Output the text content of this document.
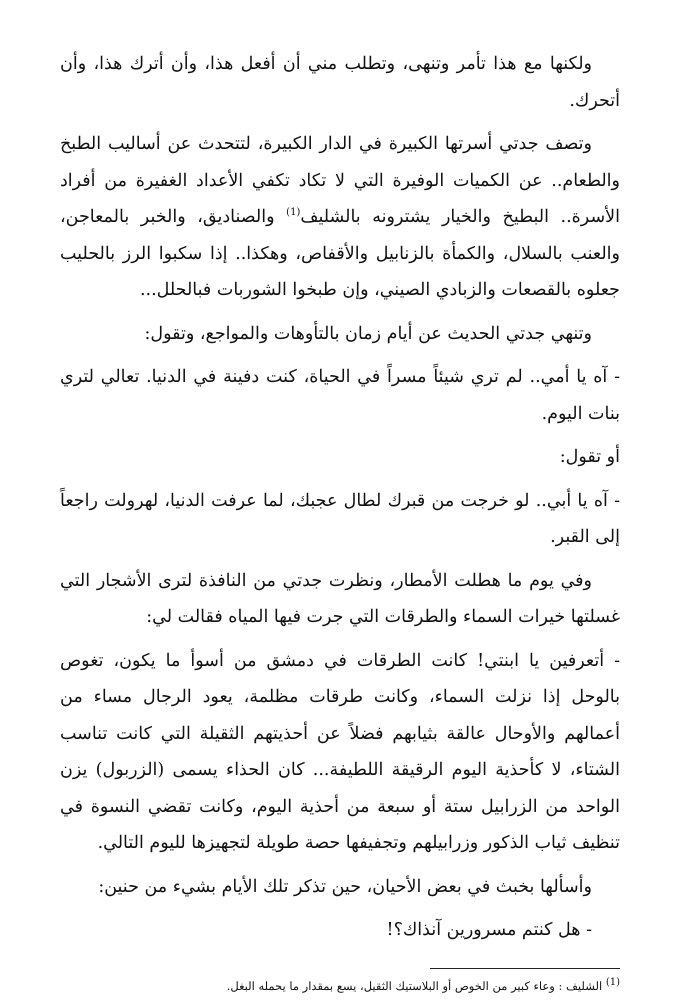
ولكنها مع هذا تأمر وتنهى، وتطلب مني أن أفعل هذا، وأن أترك هذا، وأن أتحرك.

وتصف جدتي أسرتها الكبيرة في الدار الكبيرة، لتتحدث عن أساليب الطبخ والطعام.. عن الكميات الوفيرة التي لا تكاد تكفي الأعداد الغفيرة من أفراد الأسرة.. البطيخ والخيار يشترونه بالشليف$^{(1)}$ والصناديق، والخبر بالمعاجن، والعنب بالسلال، والكمأة بالزنابيل والأقفاص، وهكذا.. إذا سكبوا الرز بالحليب جعلوه بالقصعات والزبادي الصيني، وإن طبخوا الشوربات فبالحلل...

وتنهي جدتي الحديث عن أيام زمان بالتأوهات والمواجع، وتقول:

- آه يا أمي.. لم تري شيئاً مسراً في الحياة، كنت دفينة في الدنيا. تعالي لتري بنات اليوم.

أو تقول:

- آه يا أبي.. لو خرجت من قبرك لطال عجبك، لما عرفت الدنيا، لهرولت راجعاً إلى القبر.

وفي يوم ما هطلت الأمطار، ونظرت جدتي من النافذة لترى الأشجار التي غسلتها خيرات السماء والطرقات التي جرت فيها المياه فقالت لي:

- أتعرفين يا ابنتي! كانت الطرقات في دمشق من أسوأ ما يكون، تغوص بالوحل إذا نزلت السماء، وكانت طرقات مظلمة، يعود الرجال مساء من أعمالهم والأوحال عالقة بثيابهم فضلاً عن أحذيتهم الثقيلة التي كانت تناسب الشتاء، لا كأحذية اليوم الرقيقة اللطيفة... كان الحذاء يسمى (الزربول) يزن الواحد من الزرابيل ستة أو سبعة من أحذية اليوم، وكانت تقضي النسوة في تنظيف ثياب الذكور وزرابيلهم وتجفيفها حصة طويلة لتجهيزها لليوم التالي.

وأسألها بخبث في بعض الأحيان، حين تذكر تلك الأيام بشيء من حنين:

- هل كنتم مسرورين آنذاك؟!

$^{(1)}$ الشليف : وعاء كبير من الخوص أو البلاستيك الثقيل، يسع بمقدار ما يحمله البغل.
